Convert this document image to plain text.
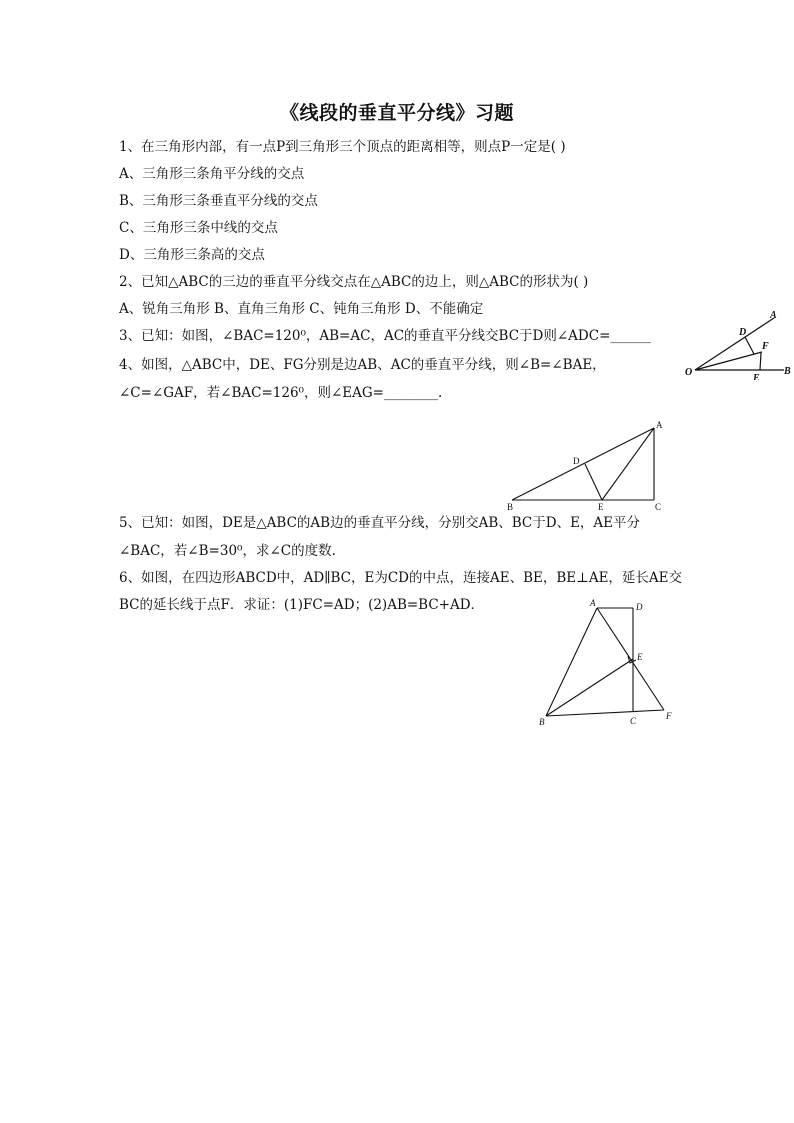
《线段的垂直平分线》习题
1、在三角形内部，有一点P到三角形三个顶点的距离相等，则点P一定是( )
A、三角形三条角平分线的交点
B、三角形三条垂直平分线的交点
C、三角形三条中线的交点
D、三角形三条高的交点
2、已知△ABC的三边的垂直平分线交点在△ABC的边上，则△ABC的形状为( )
A、锐角三角形 B、直角三角形 C、钝角三角形 D、不能确定
3、已知：如图，∠BAC=120⁰，AB=AC，AC的垂直平分线交BC于D则∠ADC=______
4、如图，△ABC中，DE、FG分别是边AB、AC的垂直平分线，则∠B=∠BAE，
∠C=∠GAF，若∠BAC=126⁰，则∠EAG=________.
5、已知：如图，DE是△ABC的AB边的垂直平分线，分别交AB、BC于D、E，AE平分
∠BAC，若∠B=30⁰，求∠C的度数.
6、如图，在四边形ABCD中，AD∥BC，E为CD的中点，连接AE、BE，BE⊥AE，延长AE交
BC的延长线于点F．求证：(1)FC=AD；(2)AB=BC+AD．
O
D
A
F
E
B
A
B	C
D
E
A	D
E
B	C	F
